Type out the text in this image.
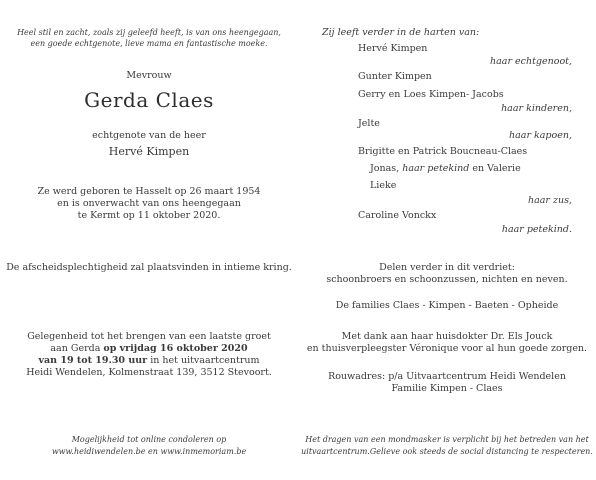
Heel stil en zacht, zoals zij geleefd heeft, is van ons heengegaan,
een goede echtgenote, lieve mama en fantastische moeke.
Mevrouw
Gerda Claes
echtgenote van de heer
Hervé Kimpen
Ze werd geboren te Hasselt op 26 maart 1954
en is onverwacht van ons heengegaan
te Kermt op 11 oktober 2020.
De afscheidsplechtigheid zal plaatsvinden in intieme kring.
Gelegenheid tot het brengen van een laatste groet
aan Gerda op vrijdag 16 oktober 2020
van 19 tot 19.30 uur in het uitvaartcentrum
Heidi Wendelen, Kolmenstraat 139, 3512 Stevoort.
Mogelijkheid tot online condoleren op
www.heidiwendelen.be en www.inmemoriam.be
Zij leeft verder in de harten van:
Hervé Kimpen
haar echtgenoot,
Gunter Kimpen
Gerry en Loes Kimpen- Jacobs
haar kinderen,
Jelte
haar kapoen,
Brigitte en Patrick Boucneau-Claes
Jonas, haar petekind en Valerie
Lieke
haar zus,
Caroline Vonckx
haar petekind.
Delen verder in dit verdriet:
schoonbroers en schoonzussen, nichten en neven.
De families Claes - Kimpen - Baeten - Opheide
Met dank aan haar huisdokter Dr. Els Jouck
en thuisverpleegster Véronique voor al hun goede zorgen.
Rouwadres: p/a Uitvaartcentrum Heidi Wendelen
Familie Kimpen - Claes
Het dragen van een mondmasker is verplicht bij het betreden van het
uitvaartcentrum.Gelieve ook steeds de social distancing te respecteren.
